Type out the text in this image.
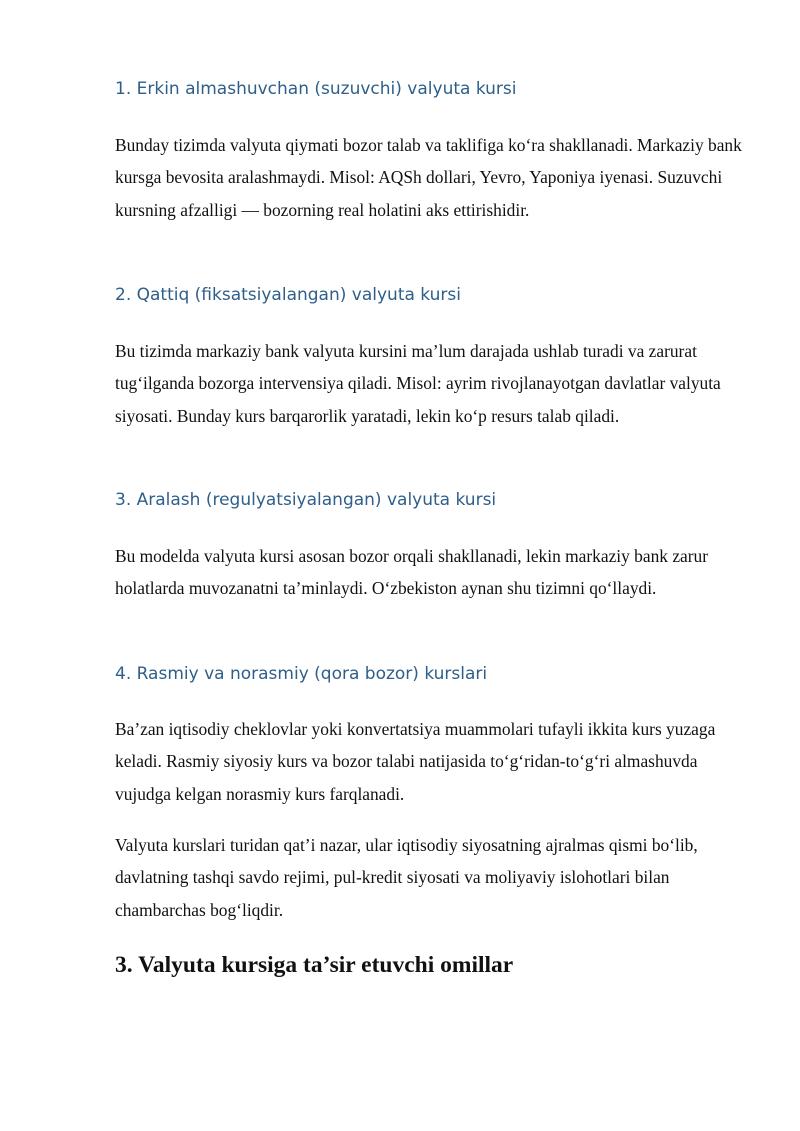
1. Erkin almashuvchan (suzuvchi) valyuta kursi

Bunday tizimda valyuta qiymati bozor talab va taklifiga ko‘ra shakllanadi. Markaziy bank kursga bevosita aralashmaydi. Misol: AQSh dollari, Yevro, Yaponiya iyenasi. Suzuvchi kursning afzalligi — bozorning real holatini aks ettirishidir.

2. Qattiq (fiksatsiyalangan) valyuta kursi

Bu tizimda markaziy bank valyuta kursini ma’lum darajada ushlab turadi va zarurat tug‘ilganda bozorga intervensiya qiladi. Misol: ayrim rivojlanayotgan davlatlar valyuta siyosati. Bunday kurs barqarorlik yaratadi, lekin ko‘p resurs talab qiladi.

3. Aralash (regulyatsiyalangan) valyuta kursi

Bu modelda valyuta kursi asosan bozor orqali shakllanadi, lekin markaziy bank zarur holatlarda muvozanatni ta’minlaydi. O‘zbekiston aynan shu tizimni qo‘llaydi.

4. Rasmiy va norasmiy (qora bozor) kurslari

Ba’zan iqtisodiy cheklovlar yoki konvertatsiya muammolari tufayli ikkita kurs yuzaga keladi. Rasmiy siyosiy kurs va bozor talabi natijasida to‘g‘ridan-to‘g‘ri almashuvda vujudga kelgan norasmiy kurs farqlanadi.

Valyuta kurslari turidan qat’i nazar, ular iqtisodiy siyosatning ajralmas qismi bo‘lib, davlatning tashqi savdo rejimi, pul-kredit siyosati va moliyaviy islohotlari bilan chambarchas bog‘liqdir.

3. Valyuta kursiga ta’sir etuvchi omillar
